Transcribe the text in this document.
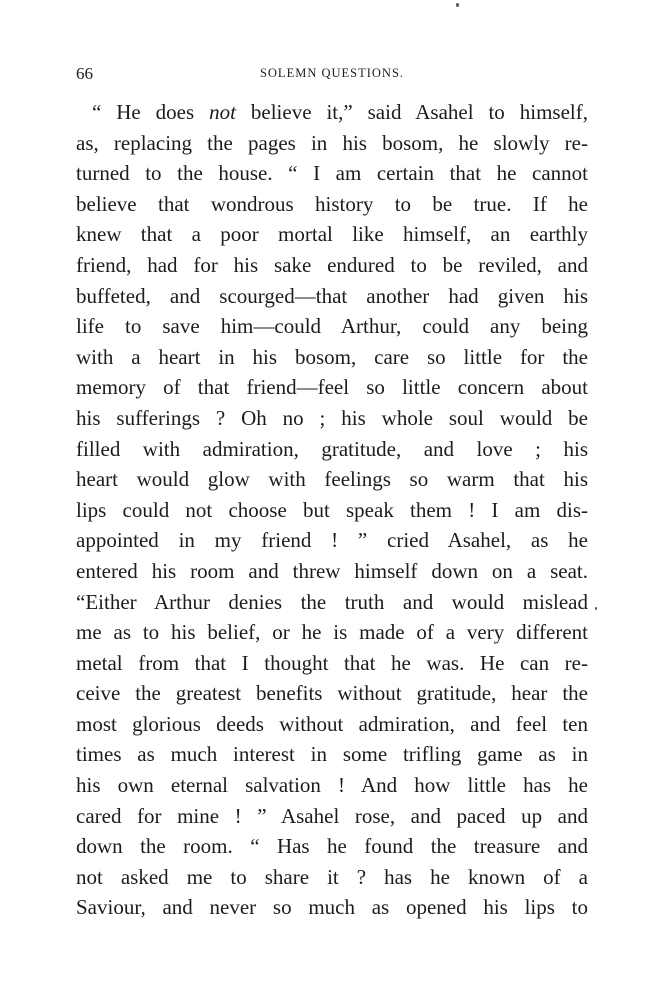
66	SOLEMN QUESTIONS.
“ He does not believe it,” said Asahel to himself,
as, replacing the pages in his bosom, he slowly re-
turned to the house. “ I am certain that he cannot
believe that wondrous history to be true. If he
knew that a poor mortal like himself, an earthly
friend, had for his sake endured to be reviled, and
buffeted, and scourged—that another had given his
life to save him—could Arthur, could any being
with a heart in his bosom, care so little for the
memory of that friend—feel so little concern about
his sufferings ? Oh no ; his whole soul would be
filled with admiration, gratitude, and love ; his
heart would glow with feelings so warm that his
lips could not choose but speak them ! I am dis-
appointed in my friend ! ” cried Asahel, as he
entered his room and threw himself down on a seat.
“Either Arthur denies the truth and would mislead
me as to his belief, or he is made of a very different
metal from that I thought that he was. He can re-
ceive the greatest benefits without gratitude, hear the
most glorious deeds without admiration, and feel ten
times as much interest in some trifling game as in
his own eternal salvation ! And how little has he
cared for mine ! ” Asahel rose, and paced up and
down the room. “ Has he found the treasure and
not asked me to share it ? has he known of a
Saviour, and never so much as opened his lips to
